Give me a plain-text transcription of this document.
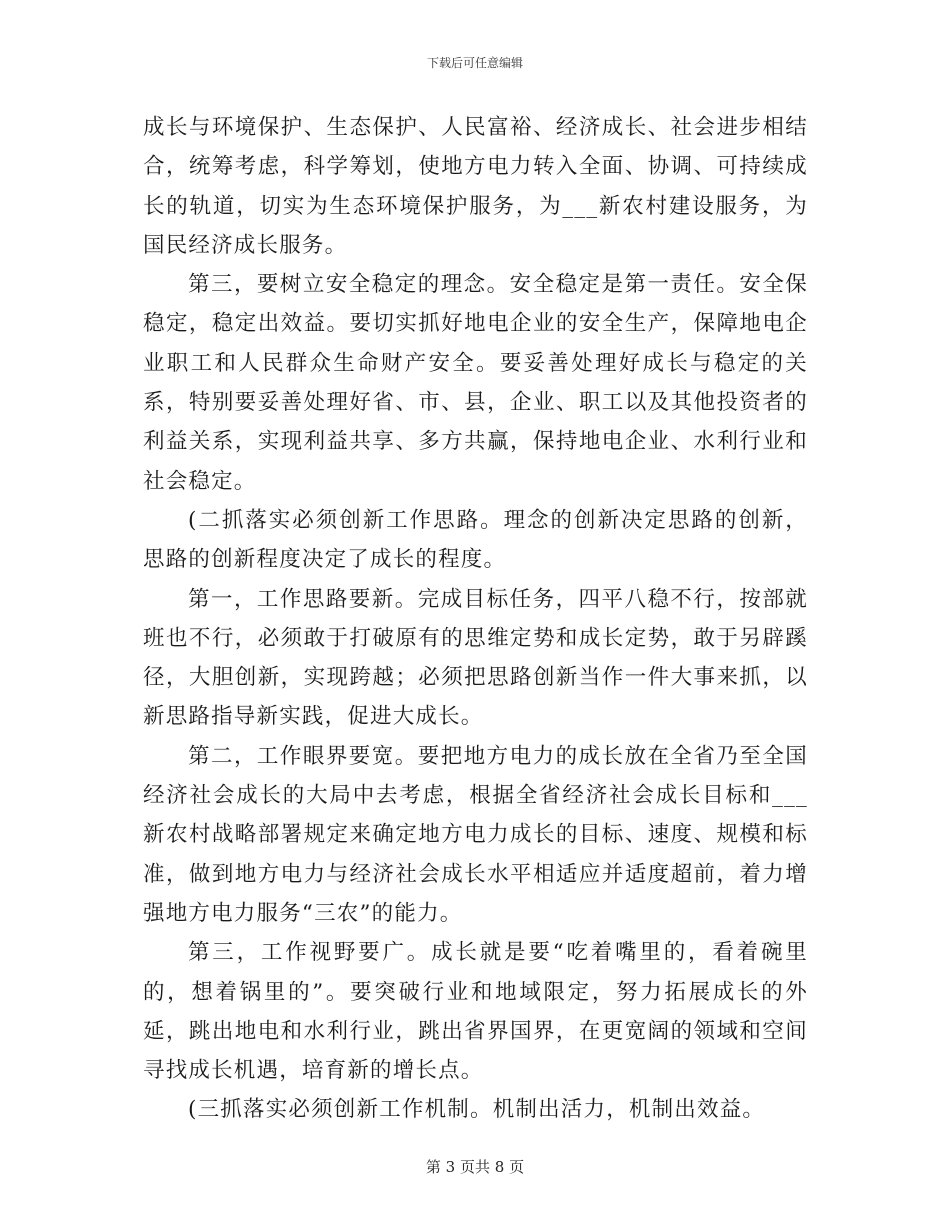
下载后可任意编辑

成长与环境保护、生态保护、人民富裕、经济成长、社会进步相结合，统筹考虑，科学筹划，使地方电力转入全面、协调、可持续成长的轨道，切实为生态环境保护服务，为___新农村建设服务，为国民经济成长服务。

第三，要树立安全稳定的理念。安全稳定是第一责任。安全保稳定，稳定出效益。要切实抓好地电企业的安全生产，保障地电企业职工和人民群众生命财产安全。要妥善处理好成长与稳定的关系，特别要妥善处理好省、市、县，企业、职工以及其他投资者的利益关系，实现利益共享、多方共赢，保持地电企业、水利行业和社会稳定。

(二抓落实必须创新工作思路。理念的创新决定思路的创新，思路的创新程度决定了成长的程度。

第一，工作思路要新。完成目标任务，四平八稳不行，按部就班也不行，必须敢于打破原有的思维定势和成长定势，敢于另辟蹊径，大胆创新，实现跨越；必须把思路创新当作一件大事来抓，以新思路指导新实践，促进大成长。

第二，工作眼界要宽。要把地方电力的成长放在全省乃至全国经济社会成长的大局中去考虑，根据全省经济社会成长目标和___新农村战略部署规定来确定地方电力成长的目标、速度、规模和标准，做到地方电力与经济社会成长水平相适应并适度超前，着力增强地方电力服务“三农”的能力。

第三，工作视野要广。成长就是要“吃着嘴里的，看着碗里的，想着锅里的”。要突破行业和地域限定，努力拓展成长的外延，跳出地电和水利行业，跳出省界国界，在更宽阔的领域和空间寻找成长机遇，培育新的增长点。

(三抓落实必须创新工作机制。机制出活力，机制出效益。

第 3 页共 8 页
